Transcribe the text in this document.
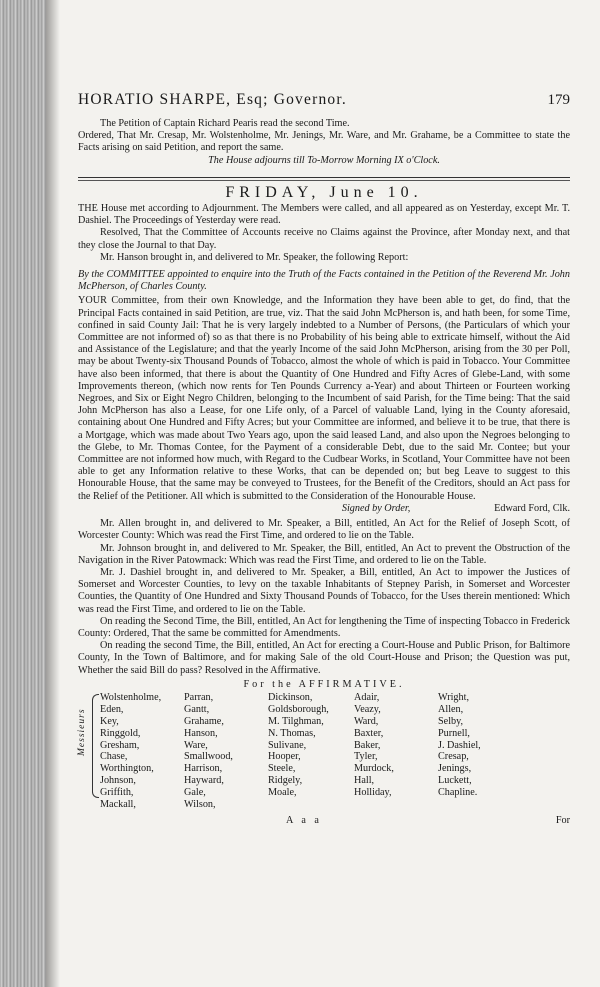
HORATIO SHARPE, Esq; Governor.	179

The Petition of Captain Richard Pearis read the second Time.

Ordered, That Mr. Cresap, Mr. Wolstenholme, Mr. Jenings, Mr. Ware, and Mr. Grahame, be a Committee to state the Facts arising on said Petition, and report the same.

The House adjourns till To-Morrow Morning IX o'Clock.

FRIDAY, June 10.

THE House met according to Adjournment. The Members were called, and all appeared as on Yesterday, except Mr. T. Dashiel. The Proceedings of Yesterday were read.

Resolved, That the Committee of Accounts receive no Claims against the Province, after Monday next, and that they close the Journal to that Day.

Mr. Hanson brought in, and delivered to Mr. Speaker, the following Report:

By the COMMITTEE appointed to enquire into the Truth of the Facts contained in the Petition of the Reverend Mr. John McPherson, of Charles County.

YOUR Committee, from their own Knowledge, and the Information they have been able to get, do find, that the Principal Facts contained in said Petition, are true, viz. That the said John McPherson is, and hath been, for some Time, confined in said County Jail: That he is very largely indebted to a Number of Persons, (the Particulars of which your Committee are not informed of) so as that there is no Probability of his being able to extricate himself, without the Aid and Assistance of the Legislature; and that the yearly Income of the said John McPherson, arising from the 30 per Poll, may be about Twenty-six Thousand Pounds of Tobacco, almost the whole of which is paid in Tobacco. Your Committee have also been informed, that there is about the Quantity of One Hundred and Fifty Acres of Glebe-Land, with some Improvements thereon, (which now rents for Ten Pounds Currency a-Year) and about Thirteen or Fourteen working Negroes, and Six or Eight Negro Children, belonging to the Incumbent of said Parish, for the Time being: That the said John McPherson has also a Lease, for one Life only, of a Parcel of valuable Land, lying in the County aforesaid, containing about One Hundred and Fifty Acres; but your Committee are informed, and believe it to be true, that there is a Mortgage, which was made about Two Years ago, upon the said leased Land, and also upon the Negroes belonging to the Glebe, to Mr. Thomas Contee, for the Payment of a considerable Debt, due to the said Mr. Contee; but your Committee are not informed how much, with Regard to the Cudbear Works, in Scotland, Your Committee have not been able to get any Information relative to these Works, that can be depended on; but beg Leave to suggest to this Honourable House, that the same may be conveyed to Trustees, for the Benefit of the Creditors, should an Act pass for the Relief of the Petitioner. All which is submitted to the Consideration of the Honourable House.

Signed by Order,	Edward Ford, Clk.

Mr. Allen brought in, and delivered to Mr. Speaker, a Bill, entitled, An Act for the Relief of Joseph Scott, of Worcester County: Which was read the First Time, and ordered to lie on the Table.

Mr. Johnson brought in, and delivered to Mr. Speaker, the Bill, entitled, An Act to prevent the Obstruction of the Navigation in the River Patowmack: Which was read the First Time, and ordered to lie on the Table.

Mr. J. Dashiel brought in, and delivered to Mr. Speaker, a Bill, entitled, An Act to impower the Justices of Somerset and Worcester Counties, to levy on the taxable Inhabitants of Stepney Parish, in Somerset and Worcester Counties, the Quantity of One Hundred and Sixty Thousand Pounds of Tobacco, for the Uses therein mentioned: Which was read the First Time, and ordered to lie on the Table.

On reading the Second Time, the Bill, entitled, An Act for lengthening the Time of inspecting Tobacco in Frederick County: Ordered, That the same be committed for Amendments.

On reading the second Time, the Bill, entitled, An Act for erecting a Court-House and Public Prison, for Baltimore County, In the Town of Baltimore, and for making Sale of the old Court-House and Prison; the Question was put, Whether the said Bill do pass? Resolved in the Affirmative.

For the AFFIRMATIVE.
Messieurs
Wolstenholme,	Parran,	Dickinson,	Adair,	Wright,
Eden,	Gantt,	Goldsborough,	Veazy,	Allen,
Key,	Grahame,	M. Tilghman,	Ward,	Selby,
Ringgold,	Hanson,	N. Thomas,	Baxter,	Purnell,
Gresham,	Ware,	Sulivane,	Baker,	J. Dashiel,
Chase,	Smallwood,	Hooper,	Tyler,	Cresap,
Worthington,	Harrison,	Steele,	Murdock,	Jenings,
Johnson,	Hayward,	Ridgely,	Hall,	Luckett,
Griffith,	Gale,	Moale,	Holliday,	Chapline.
Mackall,	Wilson,
A a a	For
